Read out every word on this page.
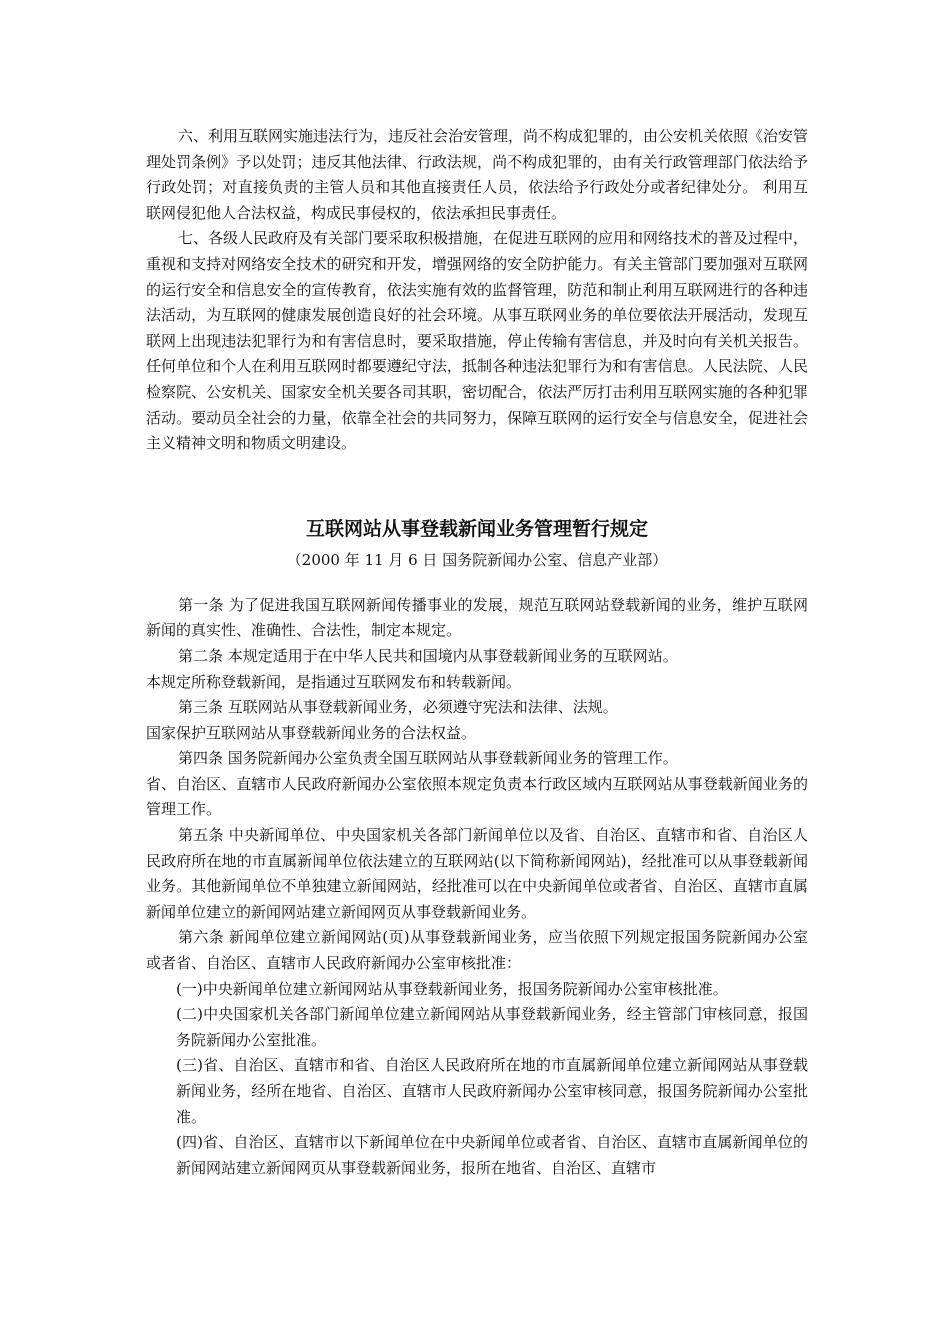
六、利用互联网实施违法行为，违反社会治安管理，尚不构成犯罪的，由公安机关依照《治安管理处罚条例》予以处罚；违反其他法律、行政法规，尚不构成犯罪的，由有关行政管理部门依法给予行政处罚；对直接负责的主管人员和其他直接责任人员，依法给予行政处分或者纪律处分。 利用互联网侵犯他人合法权益，构成民事侵权的，依法承担民事责任。

七、各级人民政府及有关部门要采取积极措施，在促进互联网的应用和网络技术的普及过程中，重视和支持对网络安全技术的研究和开发，增强网络的安全防护能力。有关主管部门要加强对互联网的运行安全和信息安全的宣传教育，依法实施有效的监督管理，防范和制止利用互联网进行的各种违法活动，为互联网的健康发展创造良好的社会环境。从事互联网业务的单位要依法开展活动，发现互联网上出现违法犯罪行为和有害信息时，要采取措施，停止传输有害信息，并及时向有关机关报告。任何单位和个人在利用互联网时都要遵纪守法，抵制各种违法犯罪行为和有害信息。人民法院、人民检察院、公安机关、国家安全机关要各司其职，密切配合，依法严厉打击利用互联网实施的各种犯罪活动。要动员全社会的力量，依靠全社会的共同努力，保障互联网的运行安全与信息安全，促进社会主义精神文明和物质文明建设。

互联网站从事登载新闻业务管理暂行规定

（2000 年 11 月 6 日 国务院新闻办公室、信息产业部）

第一条 为了促进我国互联网新闻传播事业的发展，规范互联网站登载新闻的业务，维护互联网新闻的真实性、准确性、合法性，制定本规定。

第二条 本规定适用于在中华人民共和国境内从事登载新闻业务的互联网站。

本规定所称登载新闻，是指通过互联网发布和转载新闻。

第三条 互联网站从事登载新闻业务，必须遵守宪法和法律、法规。

国家保护互联网站从事登载新闻业务的合法权益。

第四条 国务院新闻办公室负责全国互联网站从事登载新闻业务的管理工作。

省、自治区、直辖市人民政府新闻办公室依照本规定负责本行政区域内互联网站从事登载新闻业务的管理工作。

第五条 中央新闻单位、中央国家机关各部门新闻单位以及省、自治区、直辖市和省、自治区人民政府所在地的市直属新闻单位依法建立的互联网站(以下简称新闻网站)，经批准可以从事登载新闻业务。其他新闻单位不单独建立新闻网站，经批准可以在中央新闻单位或者省、自治区、直辖市直属新闻单位建立的新闻网站建立新闻网页从事登载新闻业务。

第六条 新闻单位建立新闻网站(页)从事登载新闻业务，应当依照下列规定报国务院新闻办公室或者省、自治区、直辖市人民政府新闻办公室审核批准：

(一)中央新闻单位建立新闻网站从事登载新闻业务，报国务院新闻办公室审核批准。

(二)中央国家机关各部门新闻单位建立新闻网站从事登载新闻业务，经主管部门审核同意，报国务院新闻办公室批准。

(三)省、自治区、直辖市和省、自治区人民政府所在地的市直属新闻单位建立新闻网站从事登载新闻业务，经所在地省、自治区、直辖市人民政府新闻办公室审核同意，报国务院新闻办公室批准。

(四)省、自治区、直辖市以下新闻单位在中央新闻单位或者省、自治区、直辖市直属新闻单位的新闻网站建立新闻网页从事登载新闻业务，报所在地省、自治区、直辖市
